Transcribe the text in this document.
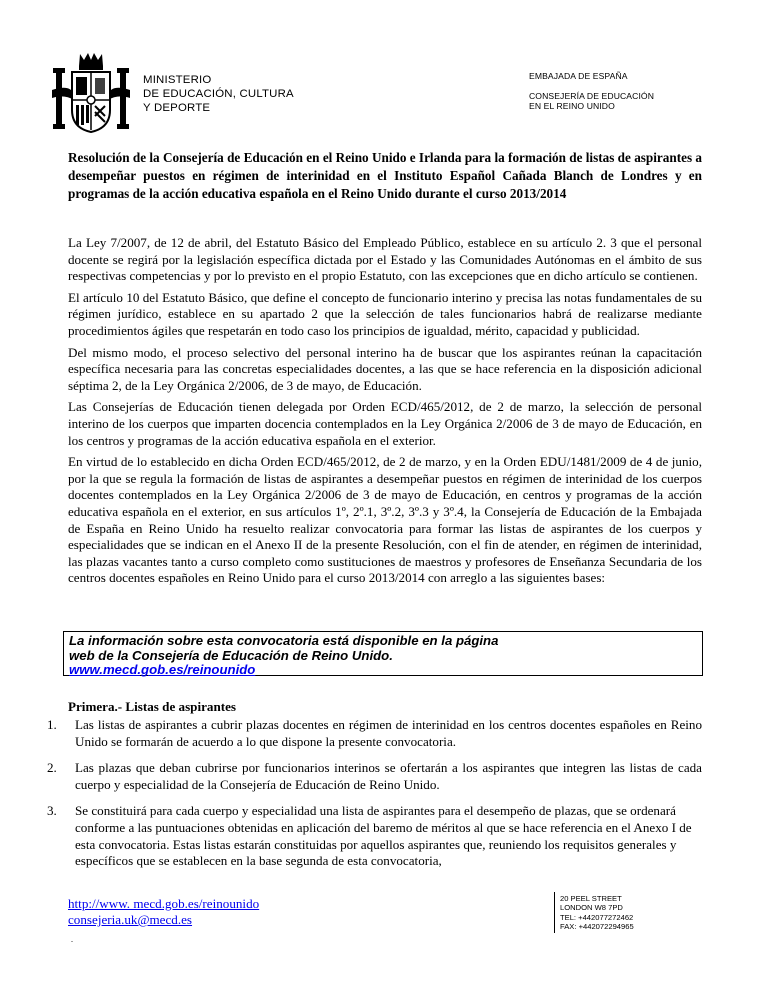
MINISTERIO
DE EDUCACIÓN, CULTURA
Y DEPORTE
EMBAJADA DE ESPAÑA
CONSEJERÍA DE EDUCACIÓN
EN EL REINO UNIDO
Resolución de la Consejería de Educación en el Reino Unido e Irlanda para la formación de listas de aspirantes a desempeñar puestos en régimen de interinidad en el Instituto Español Cañada Blanch de Londres y en programas de la acción educativa española en el Reino Unido durante el curso 2013/2014

La Ley 7/2007, de 12 de abril, del Estatuto Básico del Empleado Público, establece en su artículo 2. 3 que el personal docente se regirá por la legislación específica dictada por el Estado y las Comunidades Autónomas en el ámbito de sus respectivas competencias y por lo previsto en el propio Estatuto, con las excepciones que en dicho artículo se contienen.

El artículo 10 del Estatuto Básico, que define el concepto de funcionario interino y precisa las notas fundamentales de su régimen jurídico, establece en su apartado 2 que la selección de tales funcionarios habrá de realizarse mediante procedimientos ágiles que respetarán en todo caso los principios de igualdad, mérito, capacidad y publicidad.

Del mismo modo, el proceso selectivo del personal interino ha de buscar que los aspirantes reúnan la capacitación específica necesaria para las concretas especialidades docentes, a las que se hace referencia en la disposición adicional séptima 2, de la Ley Orgánica 2/2006, de 3 de mayo, de Educación.

Las Consejerías de Educación tienen delegada por Orden ECD/465/2012, de 2 de marzo, la selección de personal interino de los cuerpos que imparten docencia contemplados en la Ley Orgánica 2/2006 de 3 de mayo de Educación, en los centros y programas de la acción educativa española en el exterior.

En virtud de lo establecido en dicha Orden ECD/465/2012, de 2 de marzo, y en la Orden EDU/1481/2009 de 4 de junio, por la que se regula la formación de listas de aspirantes a desempeñar puestos en régimen de interinidad de los cuerpos docentes contemplados en la Ley Orgánica 2/2006 de 3 de mayo de Educación, en centros y programas de la acción educativa española en el exterior, en sus artículos 1º, 2º.1, 3º.2, 3º.3 y 3º.4, la Consejería de Educación de la Embajada de España en Reino Unido ha resuelto realizar convocatoria para formar las listas de aspirantes de los cuerpos y especialidades que se indican en el Anexo II de la presente Resolución, con el fin de atender, en régimen de interinidad, las plazas vacantes tanto a curso completo como sustituciones de maestros y profesores de Enseñanza Secundaria de los centros docentes españoles en Reino Unido para el curso 2013/2014 con arreglo a las siguientes bases:

La información sobre esta convocatoria está disponible en la página
web de la Consejería de Educación de Reino Unido.
www.mecd.gob.es/reinounido
Primera.- Listas de aspirantes
1. Las listas de aspirantes a cubrir plazas docentes en régimen de interinidad en los centros docentes españoles en Reino Unido se formarán de acuerdo a lo que dispone la presente convocatoria.
2. Las plazas que deban cubrirse por funcionarios interinos se ofertarán a los aspirantes que integren las listas de cada cuerpo y especialidad de la Consejería de Educación de Reino Unido.
3. Se constituirá para cada cuerpo y especialidad una lista de aspirantes para el desempeño de plazas, que se ordenará conforme a las puntuaciones obtenidas en aplicación del baremo de méritos al que se hace referencia en el Anexo I de esta convocatoria. Estas listas estarán constituidas por aquellos aspirantes que, reuniendo los requisitos generales y específicos que se establecen en la base segunda de esta convocatoria,
http://www. mecd.gob.es/reinounido
consejeria.uk@mecd.es
.
20 PEEL STREET
LONDON W8 7PD
TEL: +442077272462
FAX: +442072294965
